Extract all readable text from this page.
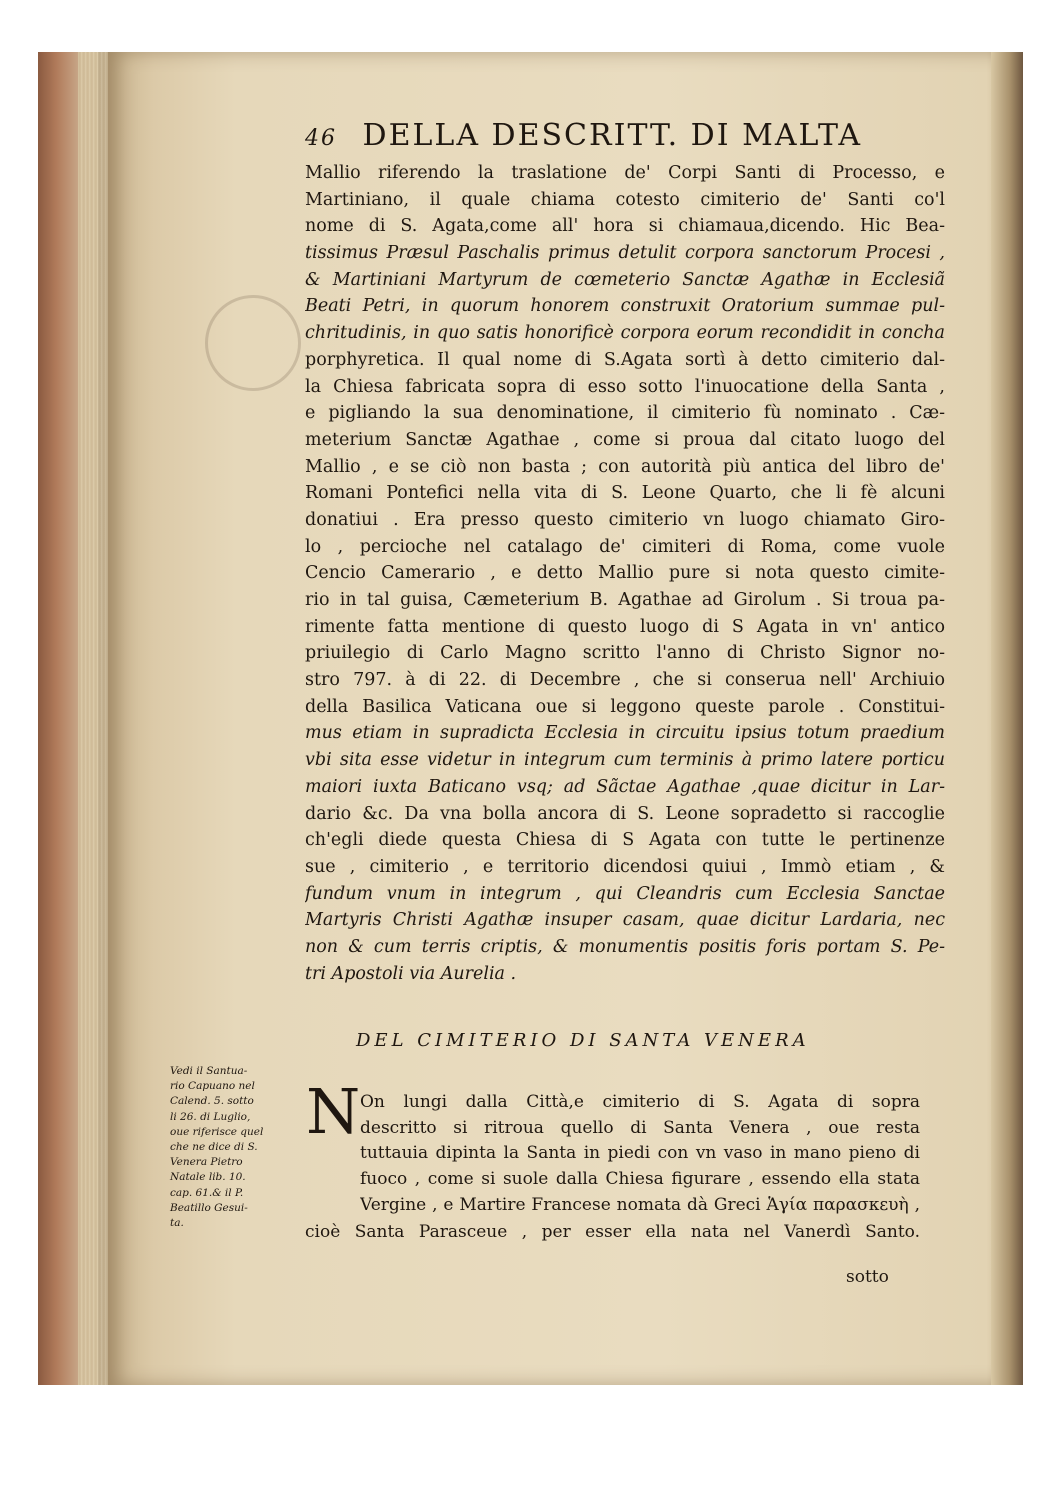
46 DELLA DESCRITT. DI MALTA
Mallio riferendo la traslatione de' Corpi Santi di Processo, e
Martiniano, il quale chiama cotesto cimiterio de' Santi co'l
nome di S. Agata,come all' hora si chiamaua,dicendo. Hic Bea-
tissimus Præsul Paschalis primus detulit corpora sanctorum Procesi ,
& Martiniani Martyrum de cœmeterio Sanctæ Agathæ in Ecclesiã
Beati Petri, in quorum honorem construxit Oratorium summae pul-
chritudinis, in quo satis honorificè corpora eorum recondidit in concha
porphyretica. Il qual nome di S.Agata sortì à detto cimiterio dal-
la Chiesa fabricata sopra di esso sotto l'inuocatione della Santa ,
e pigliando la sua denominatione, il cimiterio fù nominato . Cæ-
meterium Sanctæ Agathae , come si proua dal citato luogo del
Mallio , e se ciò non basta ; con autorità più antica del libro de'
Romani Pontefici nella vita di S. Leone Quarto, che li fè alcuni
donatiui . Era presso questo cimiterio vn luogo chiamato Giro-
lo , percioche nel catalago de' cimiteri di Roma, come vuole
Cencio Camerario , e detto Mallio pure si nota questo cimite-
rio in tal guisa, Cæmeterium B. Agathae ad Girolum . Si troua pa-
rimente fatta mentione di questo luogo di S Agata in vn' antico
priuilegio di Carlo Magno scritto l'anno di Christo Signor no-
stro 797. à di 22. di Decembre , che si conserua nell' Archiuio
della Basilica Vaticana oue si leggono queste parole . Constitui-
mus etiam in supradicta Ecclesia in circuitu ipsius totum praedium
vbi sita esse videtur in integrum cum terminis à primo latere porticu
maiori iuxta Baticano vsq; ad Sãctae Agathae ,quae dicitur in Lar-
dario &c. Da vna bolla ancora di S. Leone sopradetto si raccoglie
ch'egli diede questa Chiesa di S Agata con tutte le pertinenze
sue , cimiterio , e territorio dicendosi quiui , Immò etiam , &
fundum vnum in integrum , qui Cleandris cum Ecclesia Sanctae
Martyris Christi Agathæ insuper casam, quae dicitur Lardaria, nec
non & cum terris criptis, & monumentis positis foris portam S. Pe-
tri Apostoli via Aurelia .
DEL CIMITERIO DI SANTA VENERA
N On lungi dalla Città,e cimiterio di S. Agata di sopra
descritto si ritroua quello di Santa Venera , oue resta
tuttauia dipinta la Santa in piedi con vn vaso in mano pieno di
fuoco , come si suole dalla Chiesa figurare , essendo ella stata
Vergine , e Martire Francese nomata dà Greci Ἁγία παρασκευὴ ,
cioè Santa Parasceue , per esser ella nata nel Vanerdì Santo.
sotto
Vedi il Santua-
rio Capuano nel
Calend. 5. sotto
li 26. di Luglio,
oue riferisce quel
che ne dice di S.
Venera Pietro
Natale lib. 10.
cap. 61.& il P.
Beatillo Gesui-
ta.
